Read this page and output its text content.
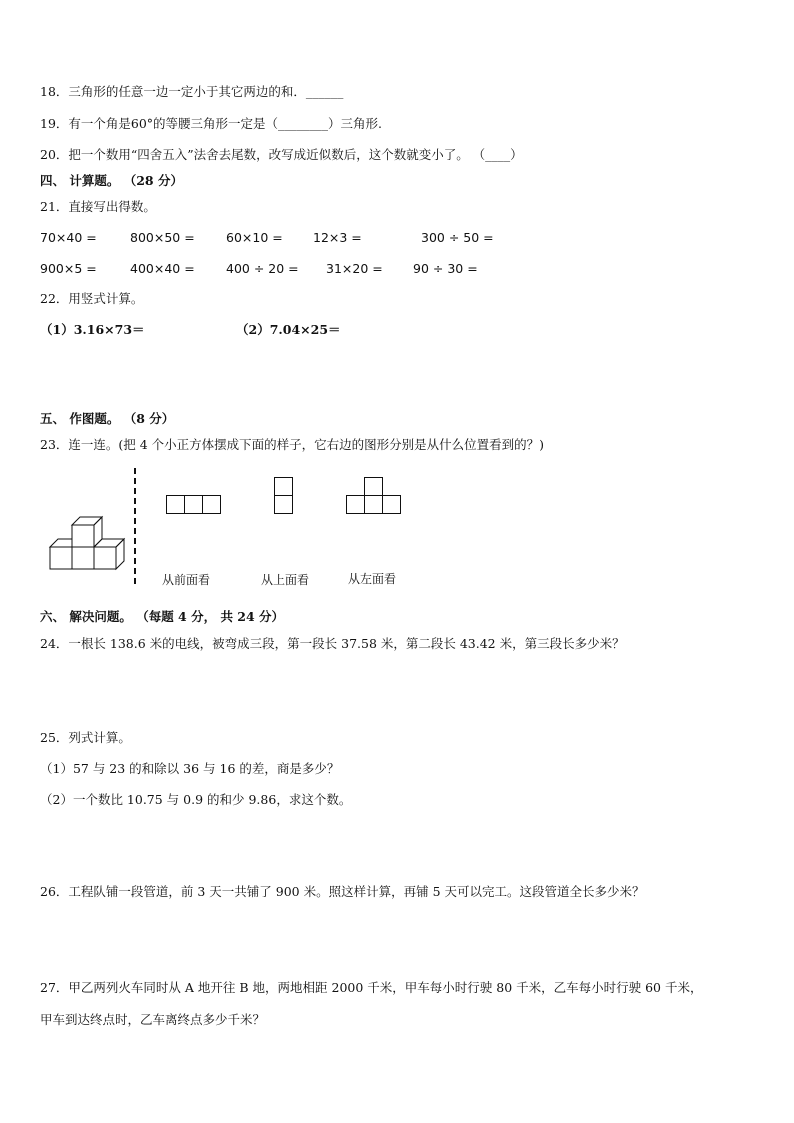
18．三角形的任意一边一定小于其它两边的和．______
19．有一个角是60°的等腰三角形一定是（________）三角形.
20．把一个数用“四舍五入”法舍去尾数，改写成近似数后，这个数就变小了。 （____）
四、 计算题。 （28 分）
21．直接写出得数。
70×40 =	800×50 =	60×10 = 12×3 =	300 ÷ 50 =
900×5 =	400×40 =	400 ÷ 20 = 31×20 = 90 ÷ 30 =
22．用竖式计算。
（1）3.16×73＝	（2）7.04×25＝
五、 作图题。 （8 分）
23．连一连。(把 4 个小正方体摆成下面的样子，它右边的图形分别是从什么位置看到的？)
从前面看	从上面看	从左面看
六、 解决问题。 （每题 4 分， 共 24 分）
24．一根长 138.6 米的电线，被弯成三段，第一段长 37.58 米，第二段长 43.42 米，第三段长多少米？
25．列式计算。
（1）57 与 23 的和除以 36 与 16 的差，商是多少？
（2）一个数比 10.75 与 0.9 的和少 9.86，求这个数。
26．工程队铺一段管道，前 3 天一共铺了 900 米。照这样计算，再铺 5 天可以完工。这段管道全长多少米？
27．甲乙两列火车同时从 A 地开往 B 地，两地相距 2000 千米，甲车每小时行驶 80 千米，乙车每小时行驶 60 千米，
甲车到达终点时，乙车离终点多少千米？
